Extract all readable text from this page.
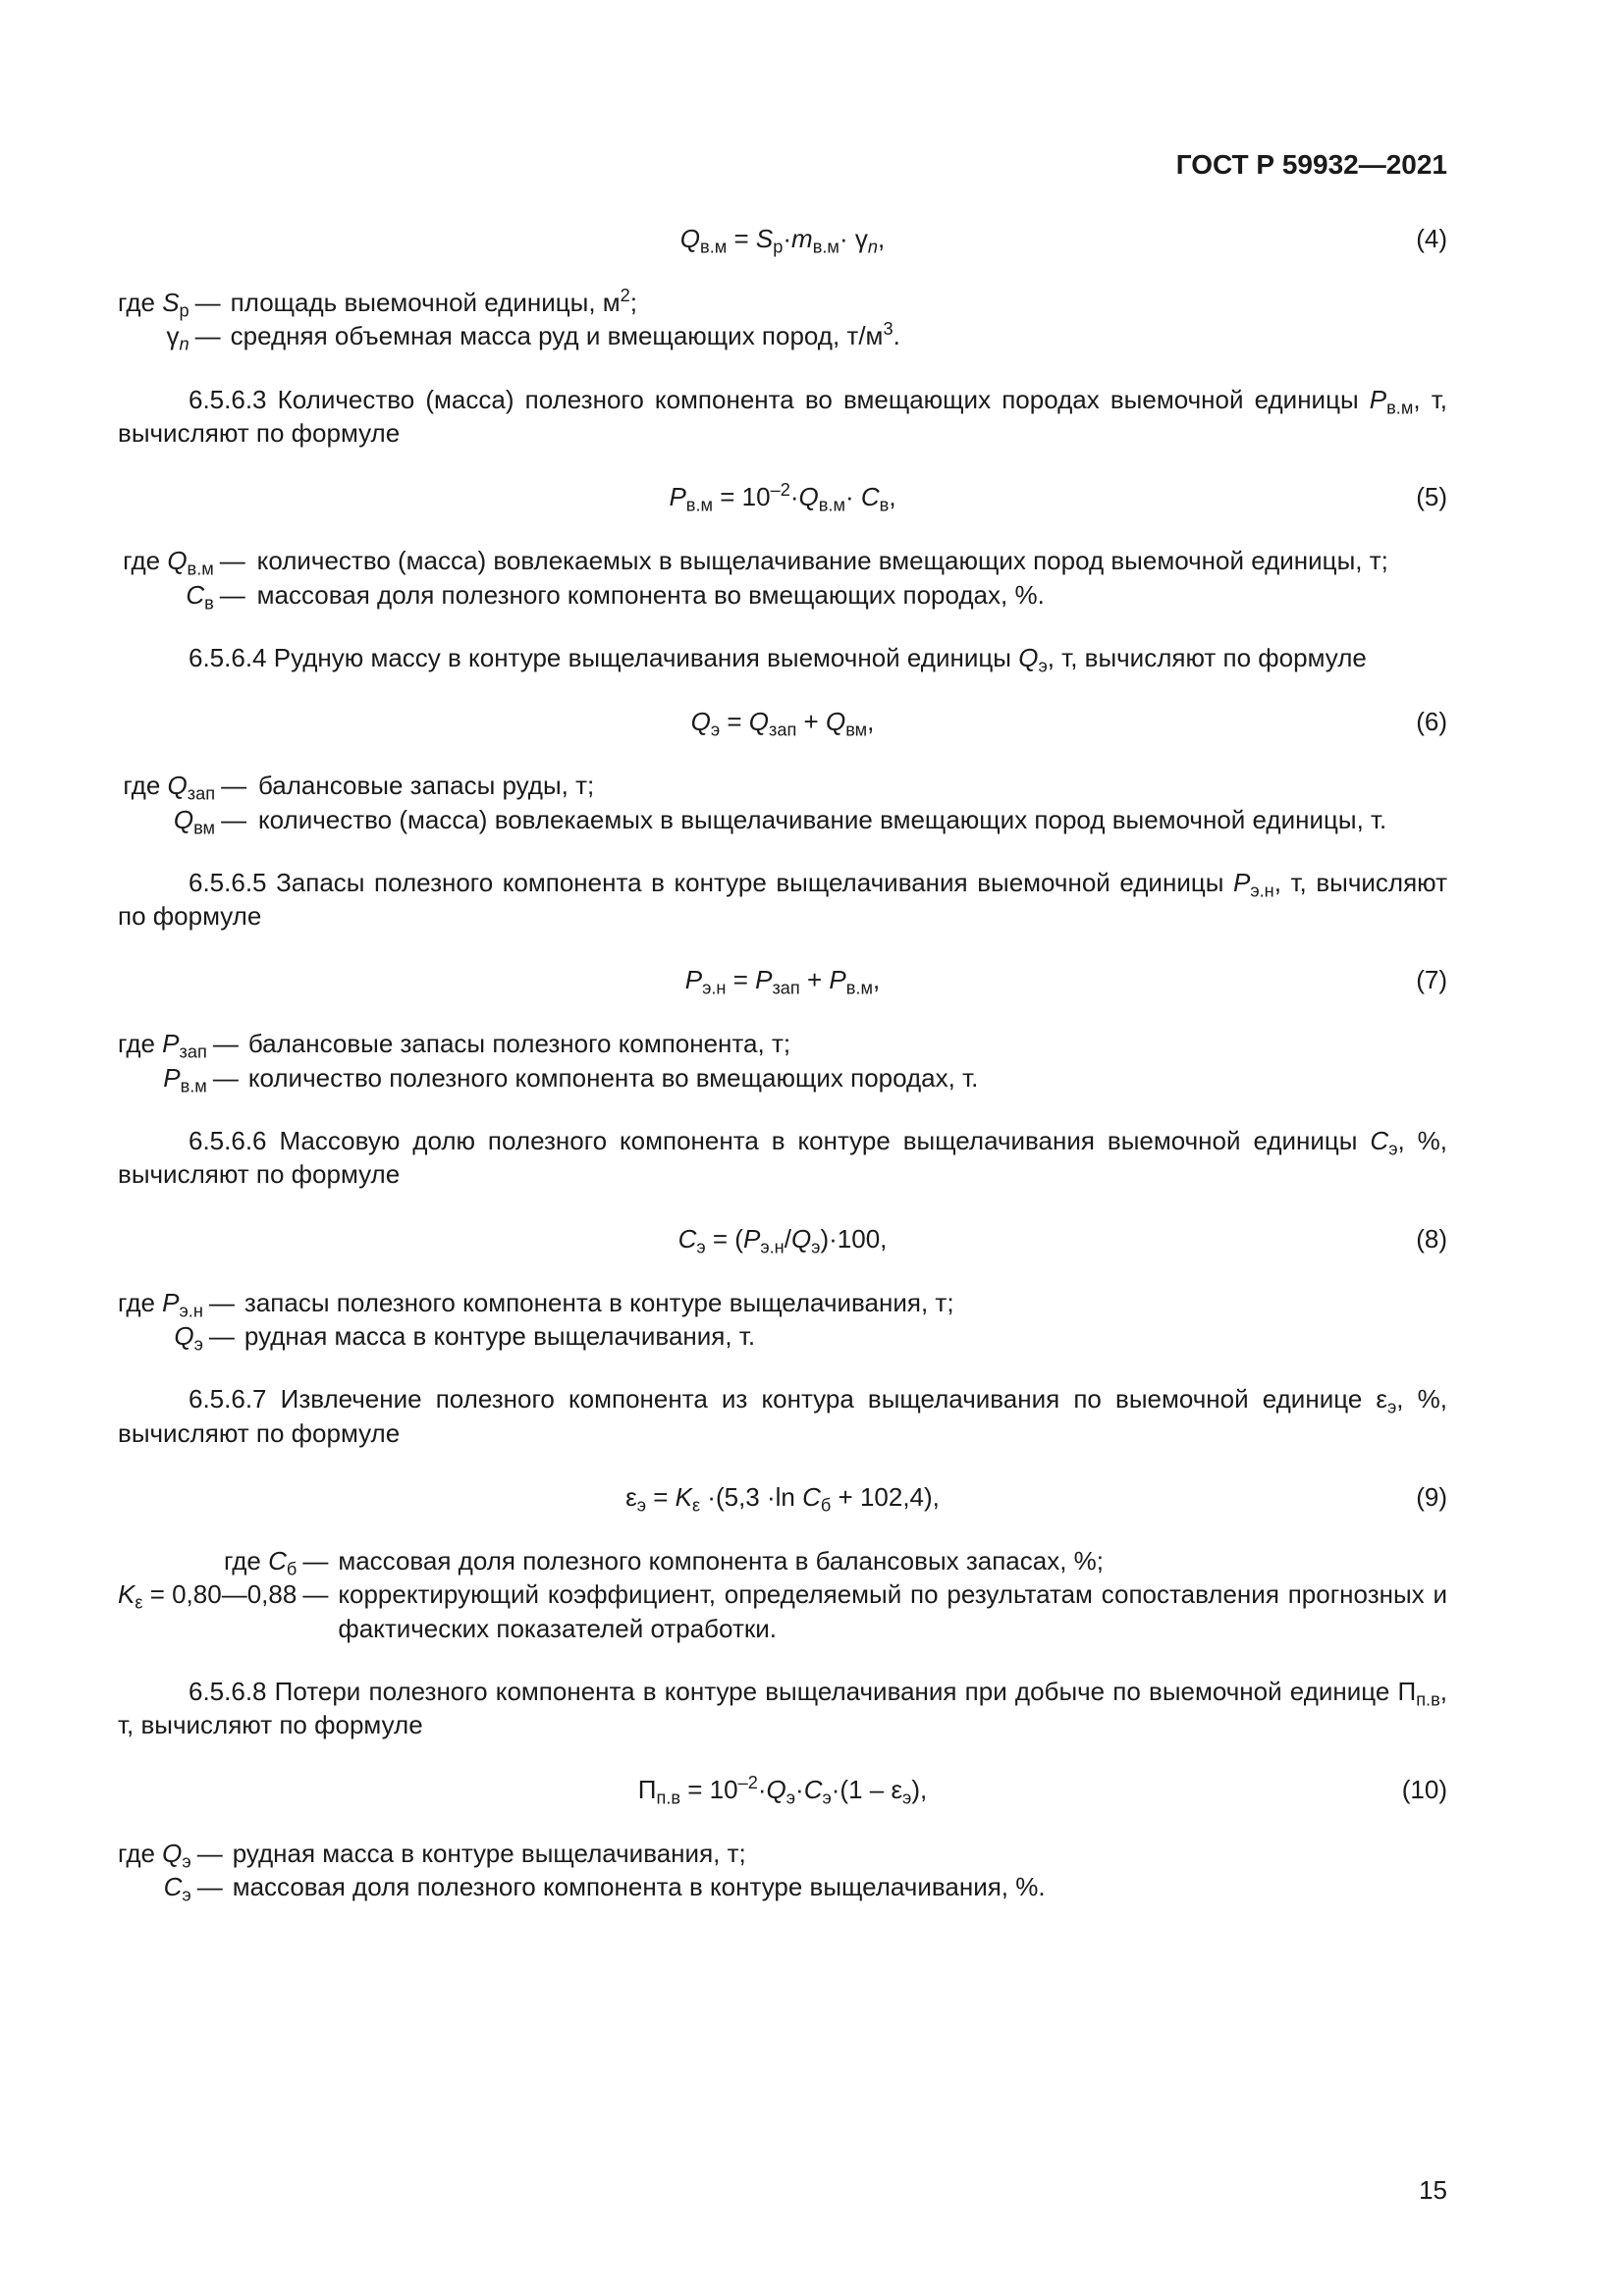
ГОСТ Р 59932—2021
$Q_{в.м} = S_р\cdot m_{в.м}\cdot \gamma_n$,	(4)
где $S_р$	—	площадь выемочной единицы, $м^2$;
$\gamma_n$	—	средняя объемная масса руд и вмещающих пород, $т/м^3$.

6.5.6.3 Количество (масса) полезного компонента во вмещающих породах выемочной единицы $P_{в.м}$, т, вычисляют по формуле

$P_{в.м} = 10^{-2}\cdot Q_{в.м}\cdot C_в$,	(5)
где $Q_{в.м}$	—	количество (масса) вовлекаемых в выщелачивание вмещающих пород выемочной единицы, т;
$C_в$	—	массовая доля полезного компонента во вмещающих породах, %.

6.5.6.4 Рудную массу в контуре выщелачивания выемочной единицы $Q_э$, т, вычисляют по формуле

$Q_э = Q_{зап} + Q_{вм}$,	(6)
где $Q_{зап}$	—	балансовые запасы руды, т;
$Q_{вм}$	—	количество (масса) вовлекаемых в выщелачивание вмещающих пород выемочной единицы, т.

6.5.6.5 Запасы полезного компонента в контуре выщелачивания выемочной единицы $P_{э.н}$, т, вычисляют по формуле

$P_{э.н} = P_{зап} + P_{в.м}$,	(7)
где $P_{зап}$	—	балансовые запасы полезного компонента, т;
$P_{в.м}$	—	количество полезного компонента во вмещающих породах, т.

6.5.6.6 Массовую долю полезного компонента в контуре выщелачивания выемочной единицы $C_э$, %, вычисляют по формуле

$C_э = (P_{э.н}/Q_э)\cdot 100$,	(8)
где $P_{э.н}$	—	запасы полезного компонента в контуре выщелачивания, т;
$Q_э$	—	рудная масса в контуре выщелачивания, т.

6.5.6.7 Извлечение полезного компонента из контура выщелачивания по выемочной единице $\varepsilon_э$, %, вычисляют по формуле

$\varepsilon_э = K_\varepsilon \cdot(5,3 \cdot\ln$ $C_б + 102,4$),	(9)
где $C_б$	—	массовая доля полезного компонента в балансовых запасах, %;
$K_\varepsilon$ = 0,80—0,88	—	корректирующий коэффициент, определяемый по результатам сопоставления прогнозных и фактических показателей отработки.

6.5.6.8 Потери полезного компонента в контуре выщелачивания при добыче по выемочной единице $П_{п.в}$, т, вычисляют по формуле

$П_{п.в} = 10^{-2}\cdot Q_э\cdot C_э\cdot(1 - \varepsilon_э)$,	(10)
где $Q_э$	—	рудная масса в контуре выщелачивания, т;
$C_э$	—	массовая доля полезного компонента в контуре выщелачивания, %.
15
